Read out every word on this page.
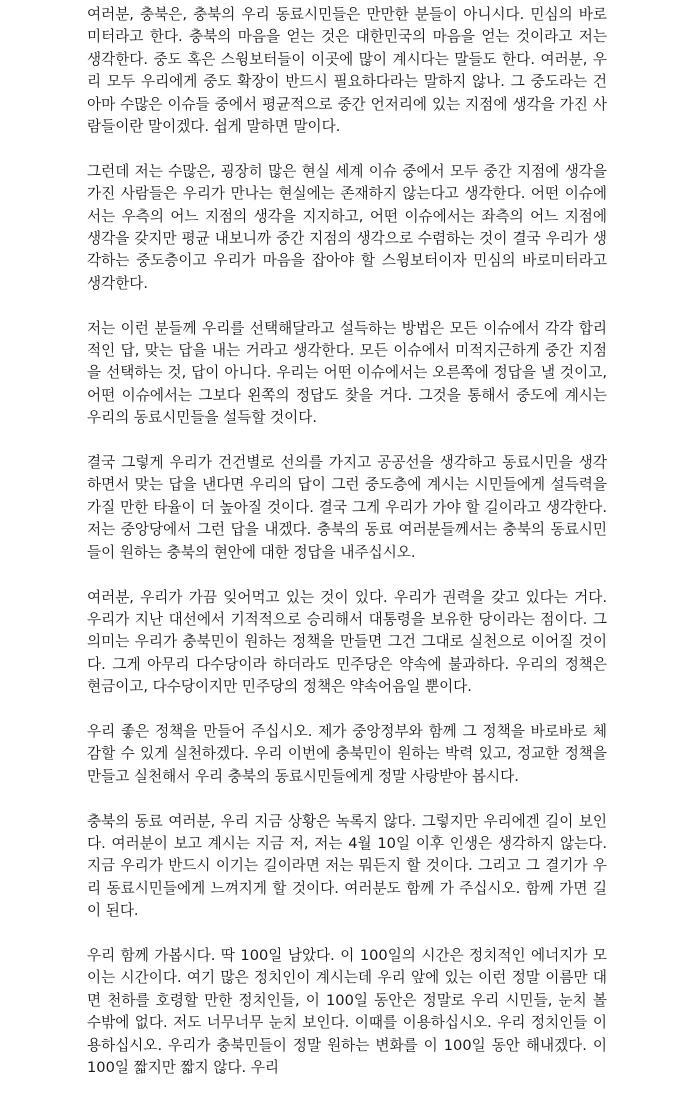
여러분, 충북은, 충북의 우리 동료시민들은 만만한 분들이 아니시다. 민심의 바로미터라고 한다. 충북의 마음을 얻는 것은 대한민국의 마음을 얻는 것이라고 저는 생각한다. 중도 혹은 스윙보터들이 이곳에 많이 계시다는 말들도 한다. 여러분, 우리 모두 우리에게 중도 확장이 반드시 필요하다라는 말하지 않나. 그 중도라는 건 아마 수많은 이슈들 중에서 평균적으로 중간 언저리에 있는 지점에 생각을 가진 사람들이란 말이겠다. 쉽게 말하면 말이다.

그런데 저는 수많은, 굉장히 많은 현실 세계 이슈 중에서 모두 중간 지점에 생각을 가진 사람들은 우리가 만나는 현실에는 존재하지 않는다고 생각한다. 어떤 이슈에서는 우측의 어느 지점의 생각을 지지하고, 어떤 이슈에서는 좌측의 어느 지점에 생각을 갖지만 평균 내보니까 중간 지점의 생각으로 수렴하는 것이 결국 우리가 생각하는 중도층이고 우리가 마음을 잡아야 할 스윙보터이자 민심의 바로미터라고 생각한다.

저는 이런 분들께 우리를 선택해달라고 설득하는 방법은 모든 이슈에서 각각 합리적인 답, 맞는 답을 내는 거라고 생각한다. 모든 이슈에서 미적지근하게 중간 지점을 선택하는 것, 답이 아니다. 우리는 어떤 이슈에서는 오른쪽에 정답을 낼 것이고, 어떤 이슈에서는 그보다 왼쪽의 정답도 찾을 거다. 그것을 통해서 중도에 계시는 우리의 동료시민들을 설득할 것이다.

결국 그렇게 우리가 건건별로 선의를 가지고 공공선을 생각하고 동료시민을 생각하면서 맞는 답을 낸다면 우리의 답이 그런 중도층에 계시는 시민들에게 설득력을 가질 만한 타율이 더 높아질 것이다. 결국 그게 우리가 가야 할 길이라고 생각한다. 저는 중앙당에서 그런 답을 내겠다. 충북의 동료 여러분들께서는 충북의 동료시민들이 원하는 충북의 현안에 대한 정답을 내주십시오.

여러분, 우리가 가끔 잊어먹고 있는 것이 있다. 우리가 권력을 갖고 있다는 거다. 우리가 지난 대선에서 기적적으로 승리해서 대통령을 보유한 당이라는 점이다. 그 의미는 우리가 충북민이 원하는 정책을 만들면 그건 그대로 실천으로 이어질 것이다. 그게 아무리 다수당이라 하더라도 민주당은 약속에 불과하다. 우리의 정책은 현금이고, 다수당이지만 민주당의 정책은 약속어음일 뿐이다.

우리 좋은 정책을 만들어 주십시오. 제가 중앙정부와 함께 그 정책을 바로바로 체감할 수 있게 실천하겠다. 우리 이번에 충북민이 원하는 박력 있고, 정교한 정책을 만들고 실천해서 우리 충북의 동료시민들에게 정말 사랑받아 봅시다.

충북의 동료 여러분, 우리 지금 상황은 녹록지 않다. 그렇지만 우리에겐 길이 보인다. 여러분이 보고 계시는 지금 저, 저는 4월 10일 이후 인생은 생각하지 않는다. 지금 우리가 반드시 이기는 길이라면 저는 뭐든지 할 것이다. 그리고 그 결기가 우리 동료시민들에게 느껴지게 할 것이다. 여러분도 함께 가 주십시오. 함께 가면 길이 된다.

우리 함께 가봅시다. 딱 100일 남았다. 이 100일의 시간은 정치적인 에너지가 모이는 시간이다. 여기 많은 정치인이 계시는데 우리 앞에 있는 이런 정말 이름만 대면 천하를 호령할 만한 정치인들, 이 100일 동안은 정말로 우리 시민들, 눈치 볼 수밖에 없다. 저도 너무너무 눈치 보인다. 이때를 이용하십시오. 우리 정치인들 이용하십시오. 우리가 충북민들이 정말 원하는 변화를 이 100일 동안 해내겠다. 이 100일 짧지만 짧지 않다. 우리
